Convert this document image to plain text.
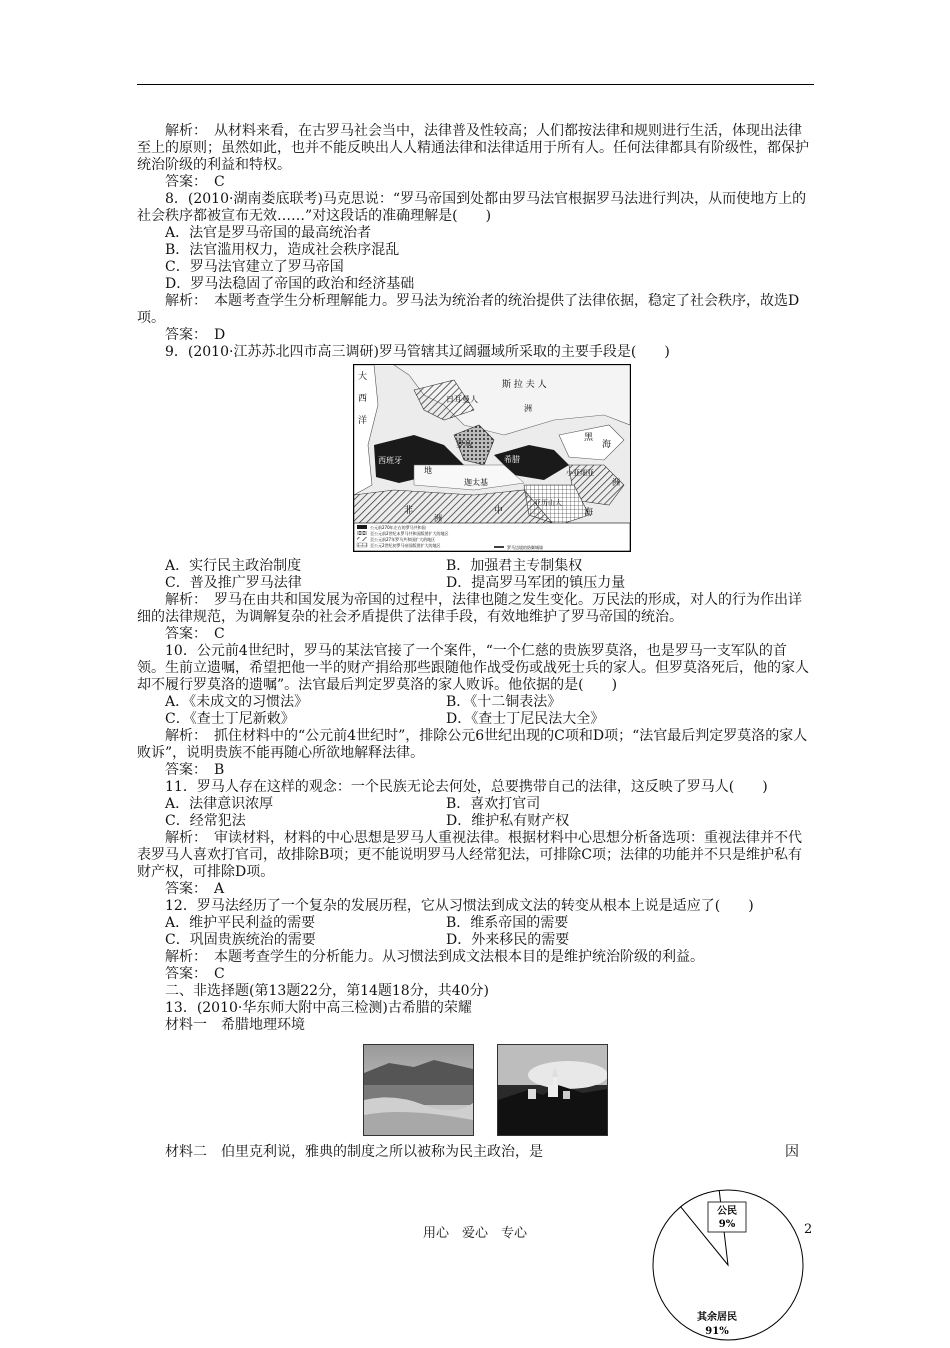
解析：　从材料来看，在古罗马社会当中，法律普及性较高；人们都按法律和规则进行生活，体现出法律至上的原则；虽然如此，也并不能反映出人人精通法律和法律适用于所有人。任何法律都具有阶级性，都保护统治阶级的利益和特权。

答案：　C

8．(2010·湖南娄底联考)马克思说：“罗马帝国到处都由罗马法官根据罗马法进行判决，从而使地方上的社会秩序都被宣布无效……”对这段话的准确理解是(　　)

A．法官是罗马帝国的最高统治者

B．法官滥用权力，造成社会秩序混乱

C．罗马法官建立了罗马帝国

D．罗马法稳固了帝国的政治和经济基础

解析：　本题考查学生分析理解能力。罗马法为统治者的统治提供了法律依据，稳定了社会秩序，故选D项。

答案：　D

9．(2010·江苏苏北四市高三调研)罗马管辖其辽阔疆域所采取的主要手段是(　　)

斯 拉 夫 人
日耳曼人
洲
大
西
洋
西班牙
地
罗马
希腊
迦太基
黑
海
小亚细亚
洲
非	中	海
洲
亚历山大
公元前270年左右的罗马共和国
至公元前2世纪末罗马共和国版图扩大的地区
至公元前27年罗马共和国扩大的地区
至公元2世纪初罗马帝国版图扩大的地区	罗马边境的防御城墙
A．实行民主政治制度	B．加强君主专制集权
C．普及推广罗马法律	D．提高罗马军团的镇压力量

解析：　罗马在由共和国发展为帝国的过程中，法律也随之发生变化。万民法的形成，对人的行为作出详细的法律规范，为调解复杂的社会矛盾提供了法律手段，有效地维护了罗马帝国的统治。

答案：　C

10．公元前4世纪时，罗马的某法官接了一个案件，“一个仁慈的贵族罗莫洛，也是罗马一支军队的首领。生前立遗嘱，希望把他一半的财产捐给那些跟随他作战受伤或战死士兵的家人。但罗莫洛死后，他的家人却不履行罗莫洛的遗嘱”。法官最后判定罗莫洛的家人败诉。他依据的是(　　)

A．《未成文的习惯法》	B．《十二铜表法》
C．《查士丁尼新敕》	D．《查士丁尼民法大全》

解析：　抓住材料中的“公元前4世纪时”，排除公元6世纪出现的C项和D项；“法官最后判定罗莫洛的家人败诉”，说明贵族不能再随心所欲地解释法律。

答案：　B

11．罗马人存在这样的观念：一个民族无论去何处，总要携带自己的法律，这反映了罗马人(　　)

A．法律意识浓厚	B．喜欢打官司
C．经常犯法	D．维护私有财产权

解析：　审读材料，材料的中心思想是罗马人重视法律。根据材料中心思想分析备选项：重视法律并不代表罗马人喜欢打官司，故排除B项；更不能说明罗马人经常犯法，可排除C项；法律的功能并不只是维护私有财产权，可排除D项。

答案：　A

12．罗马法经历了一个复杂的发展历程，它从习惯法到成文法的转变从根本上说是适应了(　　)

A．维护平民利益的需要	B．维系帝国的需要
C．巩固贵族统治的需要	D．外来移民的需要

解析：　本题考查学生的分析能力。从习惯法到成文法根本目的是维护统治阶级的利益。

答案：　C

二、非选择题(第13题22分，第14题18分，共40分)

13．(2010·华东师大附中高三检测)古希腊的荣耀

材料一　希腊地理环境

材料二　伯里克利说，雅典的制度之所以被称为民主政治，是	因

用心　爱心　专心	2
公民
9%
其余居民
91%
